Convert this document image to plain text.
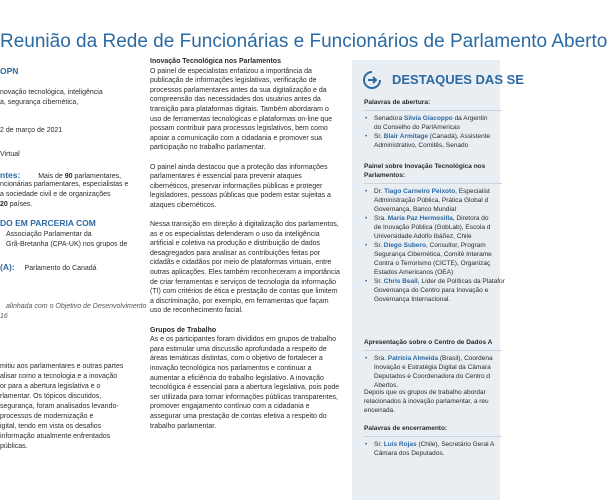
Reunião da Rede de Funcionárias e Funcionários de Parlamento Aberto
OPN
novação tecnológica, inteligência
a, segurança cibernética,
2 de março de 2021
Virtual
ntes:	Mais de 90 parlamentares,
ncionárias parlamentares, especialistas e
a sociedade civil e de organizações
20 países.
DO EM PARCERIA COM
Associação Parlamentar da
Grã-Bretanha (CPA-UK) nos grupos de
(A): Parlamento do Canadá
alinhada com o Objetivo de Desenvolvimento
16
mitiu aos parlamentares e outras partes
alisar como a tecnologia e a inovação
or para a abertura legislativa e o
rlamentar. Os tópicos discutidos,
segurança, foram analisados levando-
processos de modernização e
igital, tendo em vista os desafios
informação atualmente enfrentados
públicas.
Inovação Tecnológica nos Parlamentos

O painel de especialistas enfatizou a importância da publicação de informações legislativas, verificação de processos parlamentares antes da sua digitalização e da compreensão das necessidades dos usuários antes da transição para plataformas digitais. Também abordaram o uso de ferramentas tecnológicas e plataformas on-line que possam contribuir para processos legislativos, bem como apoiar a comunicação com a cidadania e promover sua participação no trabalho parlamentar.

O painel ainda destacou que a proteção das informações parlamentares é essencial para prevenir ataques cibernéticos, preservar informações públicas e proteger legisladores, pessoas públicas que podem estar sujeitas a ataques cibernéticos.

Nessa transição em direção à digitalização dos parlamentos, as e os especialistas defenderam o uso da inteligência artificial e coletiva na produção e distribuição de dados desagregados para analisar as contribuições feitas por cidadãs e cidadãos por meio de plataformas virtuais, entre outras aplicações. Eles também reconheceram a importância de criar ferramentas e serviços de tecnologia da informação (TI) com critérios de ética e prestação de contas que limitem a discriminação, por exemplo, em ferramentas que façam uso de reconhecimento facial.

Grupos de Trabalho

As e os participantes foram divididos em grupos de trabalho para estimular uma discussão aprofundada a respeito de áreas temáticas distintas, com o objetivo de fortalecer a inovação tecnológica nos parlamentos e continuar a aumentar a eficiência do trabalho legislativo. A inovação tecnológica é essencial para a abertura legislativa, pois pode ser utilizada para tornar informações públicas transparentes, promover engajamento contínuo com a cidadania e assegurar uma prestação de contas efetiva a respeito do trabalho parlamentar.

DESTAQUES DAS SE
Palavras de abertura:
• Senadora Silvia Giacoppo da Argentin
do Conselho do ParlAmericas
• Sr. Blair Armitage (Canadá), Assistente
Administrativo, Comitês, Senado
Painel sobre Inovação Tecnológica nos
Parlamentos:
• Dr. Tiago Carneiro Peixoto, Especialist
Administração Pública, Prática Global d
Governança, Banco Mundial
• Sra. María Paz Hermosilla, Diretora do
de Inovação Pública (GobLab), Escola d
Universidade Adolfo Ibáñez, Chile
• Sr. Diego Subero, Consultor, Program
Segurança Cibernética, Comitê Interame
Contra o Terrorismo (CICTE), Organizaç
Estados Americanos (OEA)
• Sr. Chris Beall, Líder de Políticas da Platafor
Governança do Centro para Inovação e
Governança Internacional.
Apresentação sobre o Centro de Dados A
• Sra. Patrícia Almeida (Brasil), Coordena
Inovação e Estratégia Digital da Câmara
Deputados e Coordenadora do Centro d
Abertos.
Depois que os grupos de trabalho abordar
relacionados à inovação parlamentar, a reu
encerrada.
Palavras de encerramento:
• Sr. Luis Rojas (Chile), Secretário Geral A
Câmara dos Deputados.
